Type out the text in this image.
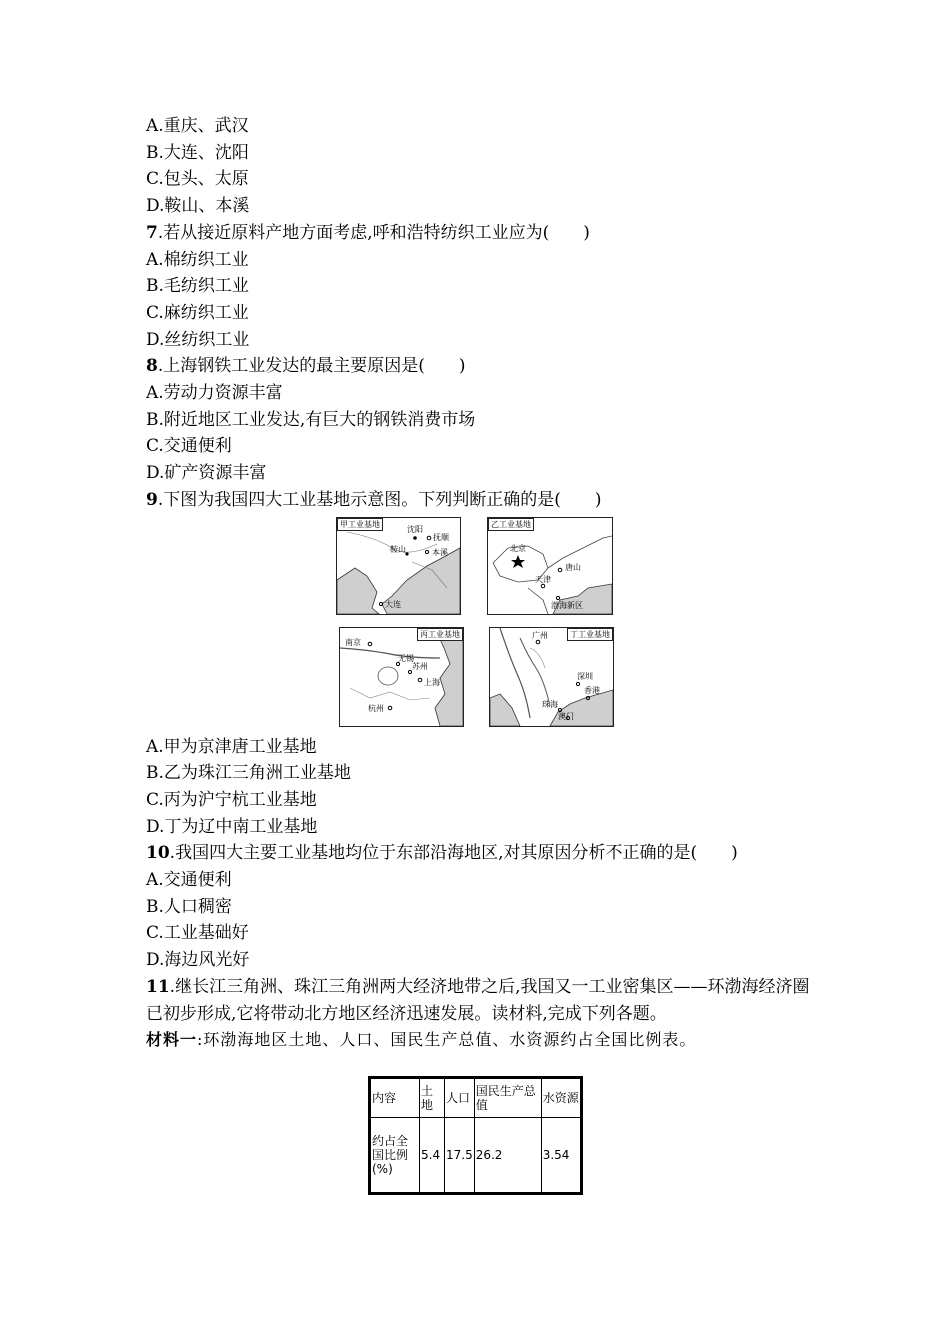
A.重庆、武汉
B.大连、沈阳
C.包头、太原
D.鞍山、本溪
7.若从接近原料产地方面考虑,呼和浩特纺织工业应为(　　)
A.棉纺织工业
B.毛纺织工业
C.麻纺织工业
D.丝纺织工业
8.上海钢铁工业发达的最主要原因是(　　)
A.劳动力资源丰富
B.附近地区工业发达,有巨大的钢铁消费市场
C.交通便利
D.矿产资源丰富
9.下图为我国四大工业基地示意图。下列判断正确的是(　　)
甲工业基地
沈阳
抚顺
鞍山	本溪
大连
乙工业基地
北京
唐山
天津
渤海新区
丙工业基地
南京
无锡
苏州
上海
杭州
丁工业基地
广州
深圳
香港
珠海
澳门
A.甲为京津唐工业基地
B.乙为珠江三角洲工业基地
C.丙为沪宁杭工业基地
D.丁为辽中南工业基地
10.我国四大主要工业基地均位于东部沿海地区,对其原因分析不正确的是(　　)
A.交通便利
B.人口稠密
C.工业基础好
D.海边风光好
11.继长江三角洲、珠江三角洲两大经济地带之后,我国又一工业密集区——环渤海经济圈已初步形成,它将带动北方地区经济迅速发展。读材料,完成下列各题。
材料一:环渤海地区土地、人口、国民生产总值、水资源约占全国比例表。
内容	土地	人口	国民生产总值	水资源
约占全国比例(%)	5.4	17.5	26.2	3.54
